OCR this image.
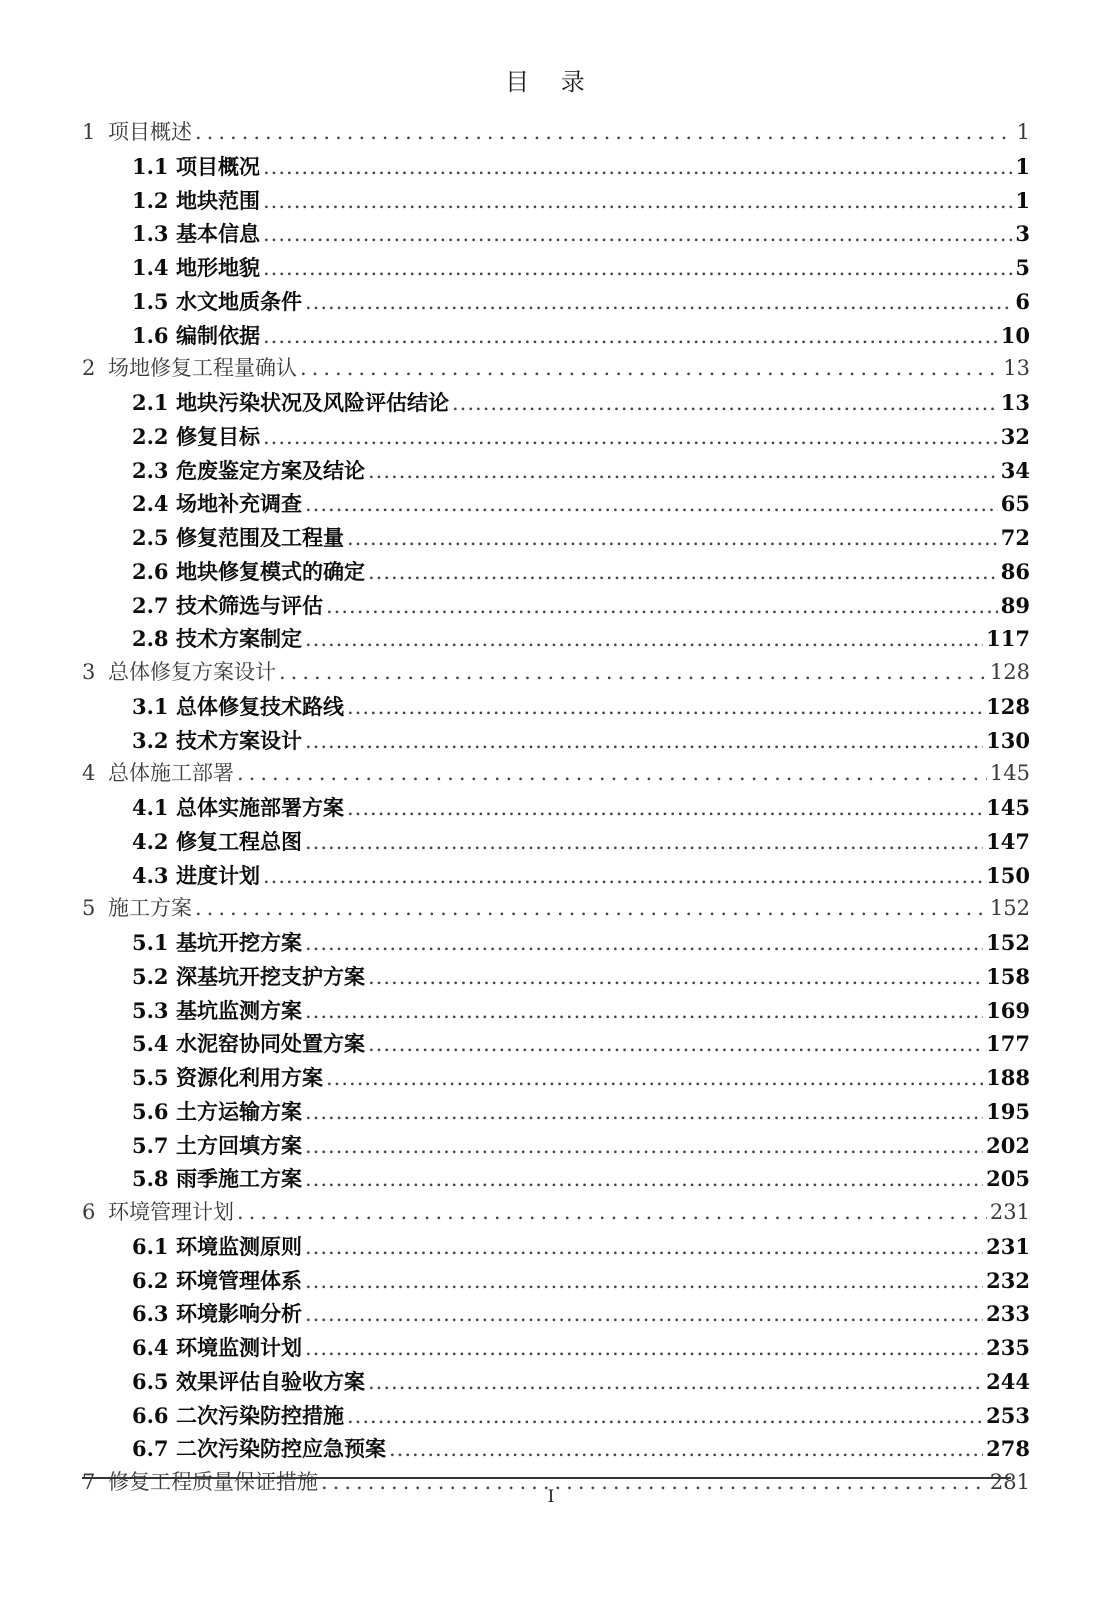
目 录
1 项目概述 .....	1
1.1 项目概况 .....	1
1.2 地块范围 .....	1
1.3 基本信息 .....	3
1.4 地形地貌 .....	5
1.5 水文地质条件 .....	6
1.6 编制依据 .....	10
2 场地修复工程量确认 .....	13
2.1 地块污染状况及风险评估结论 .....	13
2.2 修复目标 .....	32
2.3 危废鉴定方案及结论 .....	34
2.4 场地补充调查 .....	65
2.5 修复范围及工程量 .....	72
2.6 地块修复模式的确定 .....	86
2.7 技术筛选与评估 .....	89
2.8 技术方案制定 .....	117
3 总体修复方案设计 .....	128
3.1 总体修复技术路线 .....	128
3.2 技术方案设计 .....	130
4 总体施工部署 .....	145
4.1 总体实施部署方案 .....	145
4.2 修复工程总图 .....	147
4.3 进度计划 .....	150
5 施工方案 .....	152
5.1 基坑开挖方案 .....	152
5.2 深基坑开挖支护方案 .....	158
5.3 基坑监测方案 .....	169
5.4 水泥窑协同处置方案 .....	177
5.5 资源化利用方案 .....	188
5.6 土方运输方案 .....	195
5.7 土方回填方案 .....	202
5.8 雨季施工方案 .....	205
6 环境管理计划 .....	231
6.1 环境监测原则 .....	231
6.2 环境管理体系 .....	232
6.3 环境影响分析 .....	233
6.4 环境监测计划 .....	235
6.5 效果评估自验收方案 .....	244
6.6 二次污染防控措施 .....	253
6.7 二次污染防控应急预案 .....	278
7 修复工程质量保证措施 .....	281
I
